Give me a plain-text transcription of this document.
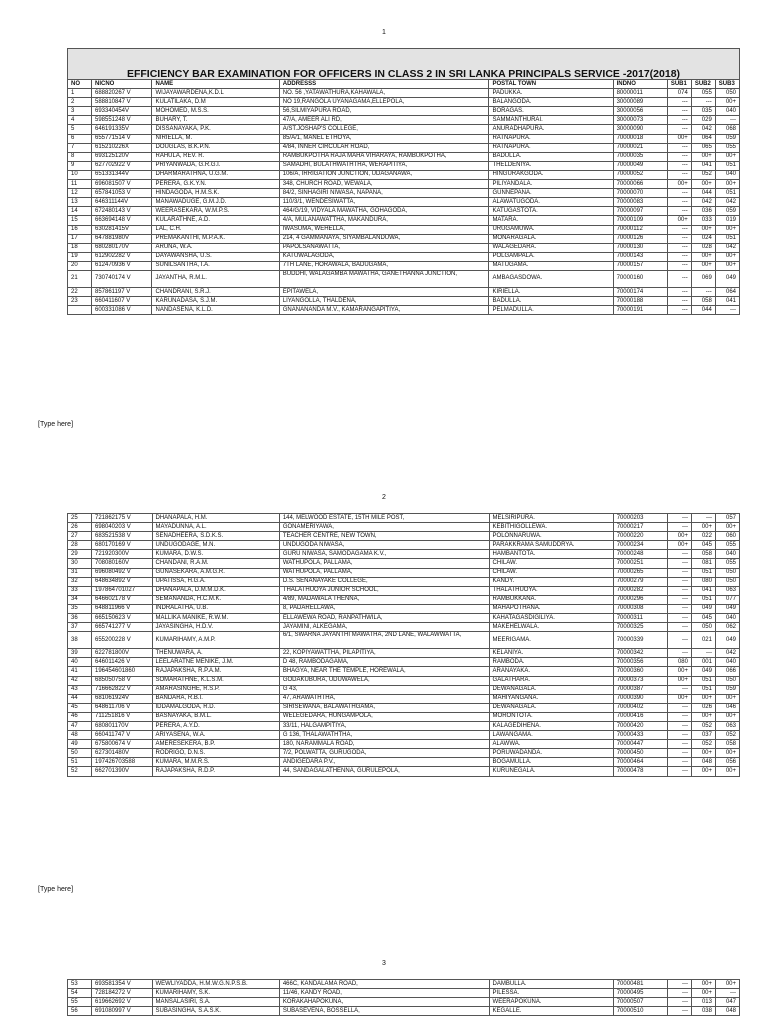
1
EFFICIENCY BAR EXAMINATION FOR OFFICERS IN CLASS 2 IN SRI LANKA PRINCIPALS SERVICE -2017(2018)								
NO	NICNO	NAME	ADDRESSS	POSTAL TOWN	INDNO	SUB1	SUB2	SUB3
1	688820267 V	WIJAYAWARDENA,K.D.L	NO. 56 ,YATAWATHURA,KAHAWALA,	PADUKKA.	80000011	074	055	050
2	588810847 V	KULATILAKA, D.M	NO 19,RANGOLA UYANAGAMA,ELLEPOLA,	BALANGODA.	30000089	---	---	00+
3	693340454V	MOHOMED, M.S.S.	56,SILMIYAPURA ROAD,	BORAGAS.	30000056	---	035	040
4	598551248 V	BUHARY, T.	47/A, AMEER ALI RD,	SAMMANTHURAI.	30000073	---	029	---
5	646191335V	DISSANAYAKA, P.K.	A/ST.JOSHAP'S COLLEGE,	ANURADHAPURA.	30000090	---	042	068
6	655771514 V	NIRIELLA, M.	85/A/1, MANEL ETHOYA,	RATNAPURA.	70000018	00+	064	059
7	615210226X	DOUGLAS, B.K.P.N.	4/84, INNER CIRCULAR ROAD,	RATNAPURA.	70000021	---	065	055
8	693125120V	RAHULA, REV. R.	RAMBUKPOTHA RAJA MAHA VIHARAYA, RAMBUKPOTHA,	BADULLA.	70000035	---	00+	00+
9	627702922 V	PRIYANWADA, G.R.G.I.	SAMADHI, BULATHWATHTHA, WERAPITIYA,	THELDENIYA.	70000049	---	041	051
10	651331344V	DHARMARATHNA, U.G.M.	106/A, IRRIGATION JUNCTION, UDAGANAWA,	HINGURAKGODA.	70000052	---	052	040
11	696081507 V	PERERA, G.K.Y.N.	348, CHURCH ROAD, WEWALA,	PILIYANDALA.	70000066	00+	00+	00+
12	657841053 V	HINDAGODA, H.M.S.K.	84/2, SINHAGIRI NIWASA, NAPANA,	GUNNEPANA.	70000070	---	044	051
13	646311144V	MANAWADUGE, G.M.J.D.	110/3/1, WENDESIWATTA,	ALAWATUGODA.	70000083	---	042	042
14	672480143 V	WEERASEKARA, W.M.P.S.	464/G/19, VIDYALA MAWATHA, GOHAGODA,	KATUGASTOTA.	70000097	---	036	059
15	663694148 V	KULARATHNE, A.D.	4/A, MULANAWATTHA, MAKANDURA,	MATARA.	70000109	00+	033	019
16	630281415V	LAL, C.H.	IWASUMA, WEHELLA,	URUGAMUWA.	70000112	---	00+	00+
17	647881980V	PREMAKANTHI, M.P.A.K.	214, 4 GAMMANAYA, SIYAMBALANDUWA,	MONARAGALA.	70000126	---	024	051
18	680280170V	ARUNA, W.A.	PAPOLSANAWATTA,	WALAGEDARA.	70000130	---	028	042
19	612902282 V	DAYAWANSHA, U.S.	KATUWALAGODA,	POLGAMPALA.	70000143	---	00+	00+
20	612470936 V	SUNILSANTHA, I.A.	7TH LANE, HORAWALA, BADUGAMA,	MATUGAMA.	70000157	---	00+	00+
21	730740174 V	JAYANTHA, R.M.L.	BUDDHI, WALAGAMBA MAWATHA, GANETHANNA JUNCTION,	AMBAGASDOWA.	70000160	---	069	049
22	857861197 V	CHANDRANI, S.R.J.	EPITAWELA,	KIRIELLA.	70000174	---	---	064
23	660411607 V	KARUNADASA, S.J.M.	LIYANGOLLA, THALDENA,	BADULLA.	70000188	---	058	041
	600331086 V	NANDASENA, K.L.D.	GNANANANDA M.V., KAMARANGAPITIYA,	PELMADULLA.	70000191	---	044	---
[Type here]
2
25	721862175 V	DHANAPALA, H.M.	144, MELWOOD ESTATE, 15TH MILE POST,	MELSIRIPURA.	70000203	---	---	057
26	698040203 V	MAYADUNNA, A.L.	GONAMERIYAWA,	KEBITHIGOLLEWA.	70000217	---	00+	00+
27	683521538 V	SENADHEERA, S.D.K.S.	TEACHER CENTRE, NEW TOWN,	POLONNARUWA.	70000220	00+	022	060
28	680170169 V	UNDUGODAGE, M.N.	UNDUGODA NIWASA,	PARAKKRAMA SAMUDDRYA.	70000234	00+	045	055
29	721920300V	KUMARA, D.W.S.	GURU NIWASA, SAMODAGAMA K.V.,	HAMBANTOTA.	70000248	---	058	040
30	708080160V	CHANDANI, R.A.M.	WATHUPOLA, PALLAMA,	CHILAW.	70000251	---	081	055
31	696080492 V	GUNASEKARA, A.M.G.R.	WATHUPOLA, PALLAMA,	CHILAW.	70000265	---	051	050
32	648634892 V	UPATISSA, H.G.A.	D.S. SENANAYAKE COLLEGE,	KANDY.	70000279	---	080	050
33	197864701027	DHANAPALA, D.M.M.D.K.	THALATHUOYA JUNIOR SCHOOL,	THALATHUOYA.	70000282	---	041	063
34	646602178 V	SEMANANDA, H.C.M.K.	4/89, MADAWALA THENNA,	RAMBUKKANA.	70000296	---	051	077
35	648811966 V	INDRALATHA, U.B.	8, PADARELLAWA,	MAHAPOTHANA.	70000308	---	049	049
36	665150623 V	MALLIKA MANIKE, R.W.M.	ELLAWEWA ROAD, RANPATHWILA,	KAHATAGASDIGILIYA.	70000311	---	045	040
37	665741277 V	JAYASINGHA, H.D.V.	JAYAMINI, ALKEGAMA,	MAKEHELWALA.	70000325	---	050	062
38	655200228 V	KUMARIHAMY, A.M.P.	6/1, SWARNA JAYANTHI MAWATHA, 2ND LANE, WALAWWATTA,	MEERIGAMA.	70000339	---	021	049
39	622781800V	THENUWARA, A.	22, KOPIYAWATTHA, PILAPITIYA,	KELANIYA.	70000342	---	---	042
40	646011426 V	LEELARATNE MENIKE, J.M.	D 48, RAMBODAGAMA,	RAMBODA.	70000356	080	001	040
41	196454601860	RAJAPAKSHA, R.P.A.M.	BHAGYA, NEAR THE TEMPLE, HOREWALA,	ARANAYAKA.	70000360	00+	049	066
42	685050758 V	SOMARATHNE, K.L.S.M.	GODAKUBURA, UDUWAWELA,	GALATHARA.	70000373	00+	051	050
43	716662822 V	AMARASINGHE, R.S.P.	G 43,	DEWANAGALA.	70000387	---	051	059
44	681061924V	BANDARA, R.B.I.	47, ARAWATHTHA,	MAHIYANGANA.	70000390	00+	00+	00+
45	648611706 V	IDDAMALGODA, R.D.	SIRISEWANA, BALAWATHGAMA,	DEWANAGALA.	70000402	---	026	046
46	711251816 V	BASNAYAKA, B.M.L.	WELEGEDARA, HUNGAMPOLA,	MORONTOTA.	70000416	---	00+	00+
47	680801170V	PERERA, A.Y.D.	33/11, HALGAMPITIYA,	KALAGEDIHENA.	70000420	---	052	063
48	660411747 V	ARIYASENA, W.A.	G 136, THALAWATHTHA,	LAWANGAMA.	70000433	---	037	052
49	675800674 V	AMERESEKERA, B.P.	180, NARAMMALA ROAD,	ALAWWA.	70000447	---	052	058
50	627301480V	RODRIGO, D.N.S.	7/2, POLWATTA, GURUGODA,	PORUWADANDA.	70000450	---	00+	00+
51	197426703588	KUMARA, M.M.R.S.	ANDIGEDARA P.V.,	BOGAMULLA.	70000464	---	048	056
52	662701390V	RAJAPAKSHA, R.D.P.	44, SANDAGALATHENNA, GURULEPOLA,	KURUNEGALA.	70000478	---	00+	00+
[Type here]
3
53	693581354 V	WEWLIYADDA, H.M.W.G.N.P.S.B.	466C, KANDALAMA ROAD,	DAMBULLA.	70000481	---	00+	00+
54	728184272 V	KUMARIHAMY, S.K.	11/46, KANDY ROAD,	PILESSA.	70000495	---	00+	---
55	619662692 V	MANSALASIRI, S.A.	KORAKAHAPOKUNA,	WEERAPOKUNA.	70000507	---	013	047
56	691080997 V	SUBASINGHA, S.A.S.K.	SUBASEVENA, BOSSELLA,	KEGALLE.	70000510	---	038	048
